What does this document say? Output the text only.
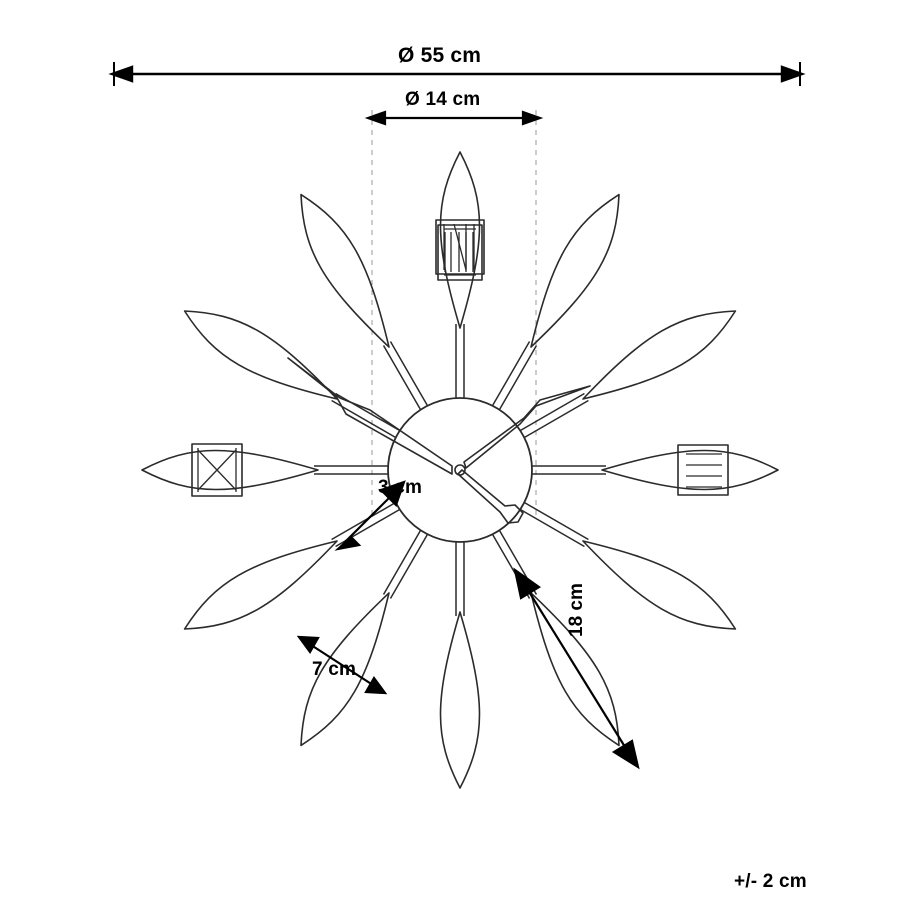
Ø 55 cm
Ø 14 cm
3 cm
7 cm
18 cm
+/- 2 cm
